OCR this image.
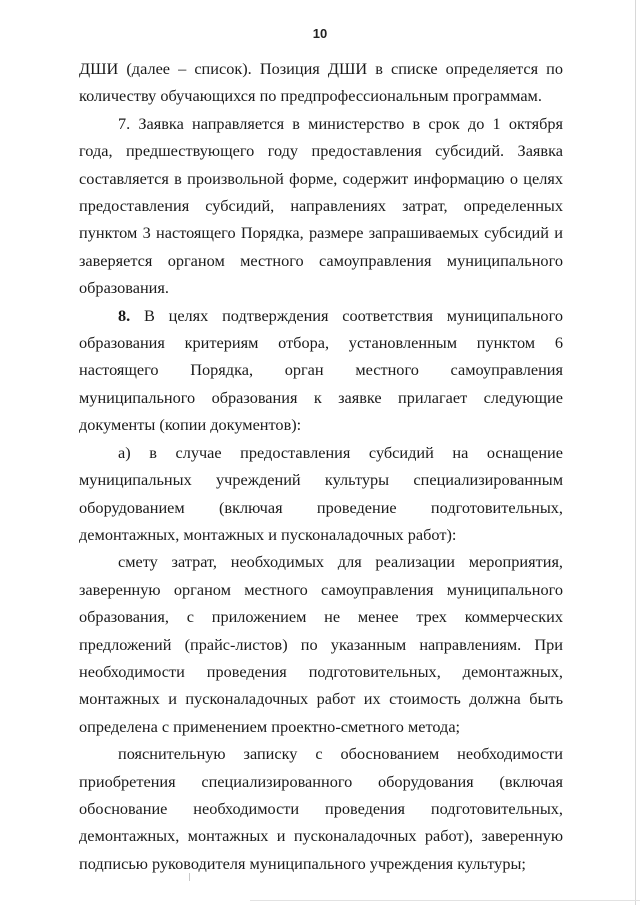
10

ДШИ (далее – список). Позиция ДШИ в списке определяется по количеству обучающихся по предпрофессиональным программам.

7. Заявка направляется в министерство в срок до 1 октября года, предшествующего году предоставления субсидий. Заявка составляется в произвольной форме, содержит информацию о целях предоставления субсидий, направлениях затрат, определенных пунктом 3 настоящего Порядка, размере запрашиваемых субсидий и заверяется органом местного самоуправления муниципального образования.

8. В целях подтверждения соответствия муниципального образования критериям отбора, установленным пунктом 6 настоящего Порядка, орган местного самоуправления муниципального образования к заявке прилагает следующие документы (копии документов):

а) в случае предоставления субсидий на оснащение муниципальных учреждений культуры специализированным оборудованием (включая проведение подготовительных, демонтажных, монтажных и пусконаладочных работ):

смету затрат, необходимых для реализации мероприятия, заверенную органом местного самоуправления муниципального образования, с приложением не менее трех коммерческих предложений (прайс-листов) по указанным направлениям. При необходимости проведения подготовительных, демонтажных, монтажных и пусконаладочных работ их стоимость должна быть определена с применением проектно-сметного метода;

пояснительную записку с обоснованием необходимости приобретения специализированного оборудования (включая обоснование необходимости проведения подготовительных, демонтажных, монтажных и пусконаладочных работ), заверенную подписью руководителя муниципального учреждения культуры;
